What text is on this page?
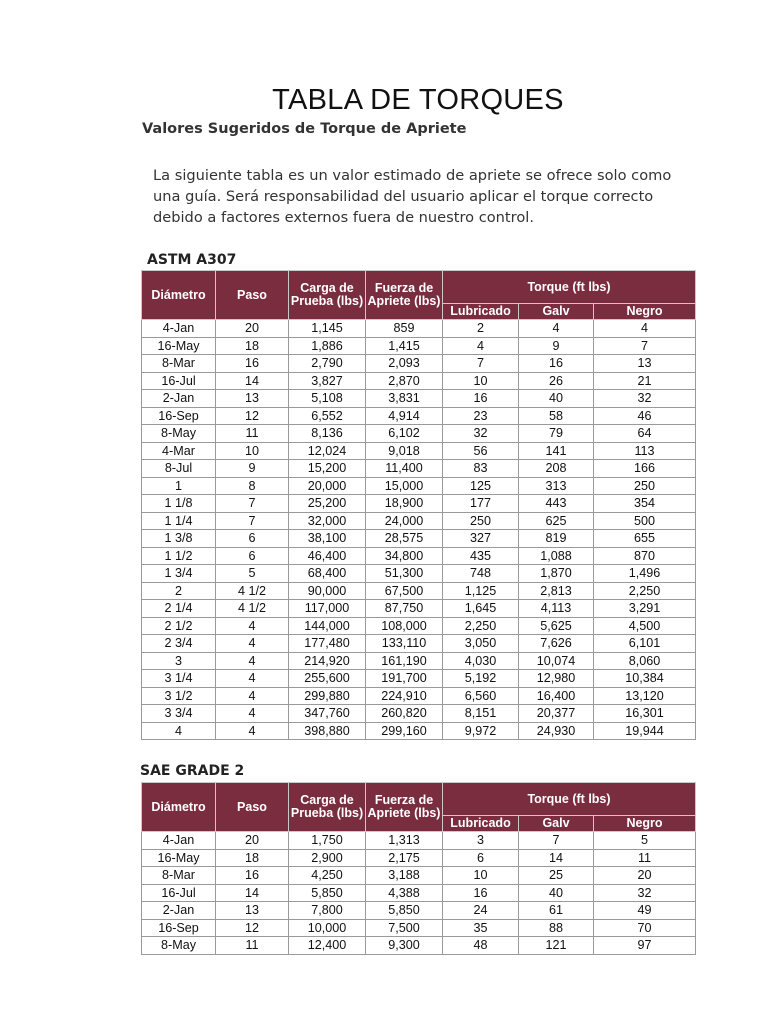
TABLA DE TORQUES
Valores Sugeridos de Torque de Apriete
La siguiente tabla es un valor estimado de apriete se ofrece solo como una guía. Será responsabilidad del usuario aplicar el torque correcto debido a factores externos fuera de nuestro control.
ASTM A307
Diámetro	Paso	Carga de Prueba (lbs)	Fuerza de Apriete (lbs)	Torque (ft lbs)		
				Lubricado	Galv	Negro
4-Jan	20	1,145	859	2	4	4
16-May	18	1,886	1,415	4	9	7
8-Mar	16	2,790	2,093	7	16	13
16-Jul	14	3,827	2,870	10	26	21
2-Jan	13	5,108	3,831	16	40	32
16-Sep	12	6,552	4,914	23	58	46
8-May	11	8,136	6,102	32	79	64
4-Mar	10	12,024	9,018	56	141	113
8-Jul	9	15,200	11,400	83	208	166
1	8	20,000	15,000	125	313	250
1 1/8	7	25,200	18,900	177	443	354
1 1/4	7	32,000	24,000	250	625	500
1 3/8	6	38,100	28,575	327	819	655
1 1/2	6	46,400	34,800	435	1,088	870
1 3/4	5	68,400	51,300	748	1,870	1,496
2	4 1/2	90,000	67,500	1,125	2,813	2,250
2 1/4	4 1/2	117,000	87,750	1,645	4,113	3,291
2 1/2	4	144,000	108,000	2,250	5,625	4,500
2 3/4	4	177,480	133,110	3,050	7,626	6,101
3	4	214,920	161,190	4,030	10,074	8,060
3 1/4	4	255,600	191,700	5,192	12,980	10,384
3 1/2	4	299,880	224,910	6,560	16,400	13,120
3 3/4	4	347,760	260,820	8,151	20,377	16,301
4	4	398,880	299,160	9,972	24,930	19,944
SAE GRADE 2
Diámetro	Paso	Carga de Prueba (lbs)	Fuerza de Apriete (lbs)	Torque (ft lbs)		
				Lubricado	Galv	Negro
4-Jan	20	1,750	1,313	3	7	5
16-May	18	2,900	2,175	6	14	11
8-Mar	16	4,250	3,188	10	25	20
16-Jul	14	5,850	4,388	16	40	32
2-Jan	13	7,800	5,850	24	61	49
16-Sep	12	10,000	7,500	35	88	70
8-May	11	12,400	9,300	48	121	97
